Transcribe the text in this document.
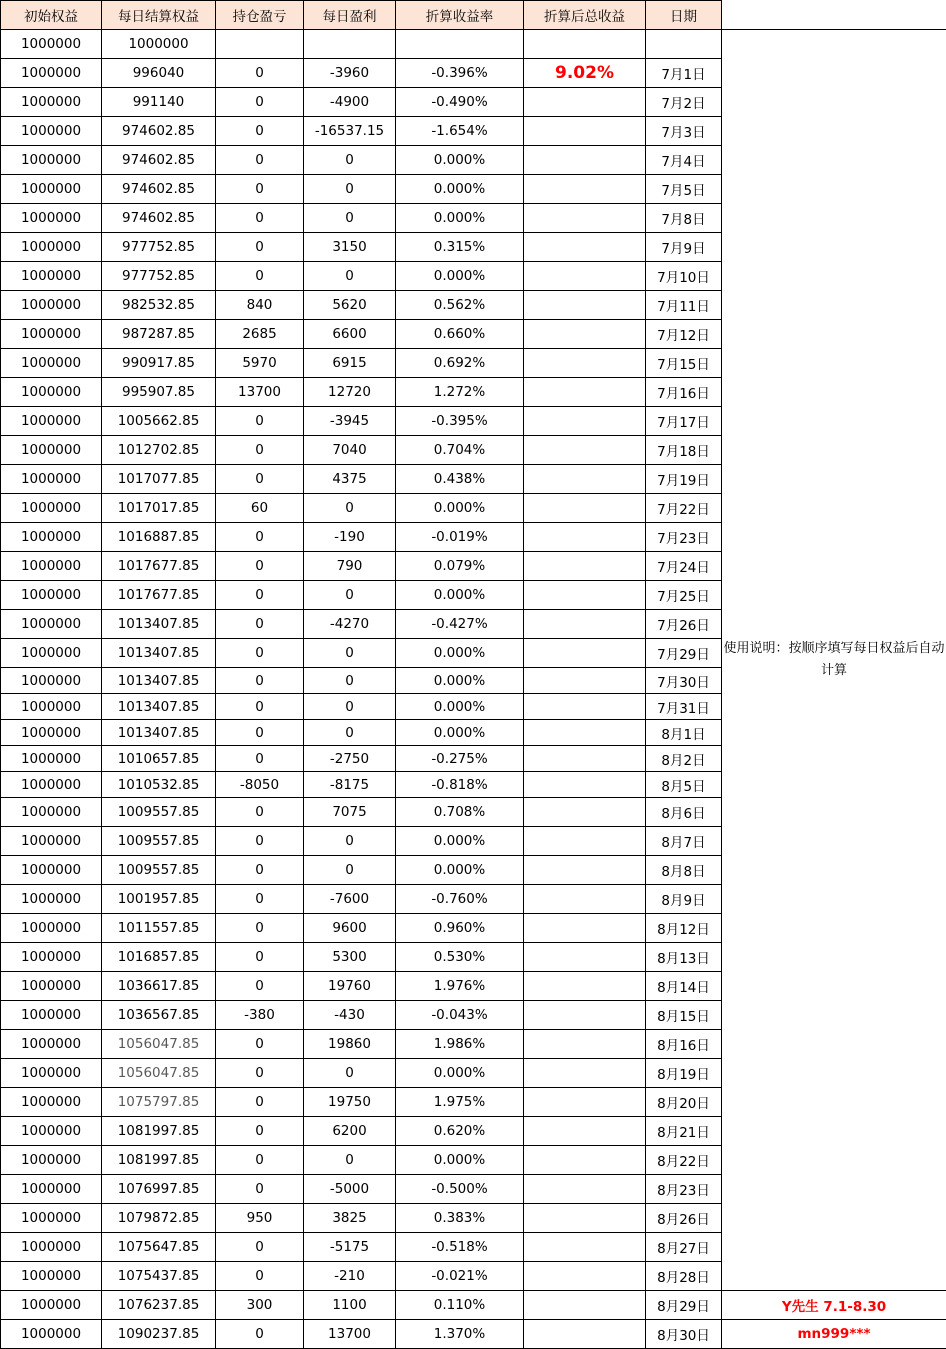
初始权益	每日结算权益	持仓盈亏	每日盈利	折算收益率	折算后总收益	日期	
1000000	1000000						使用说明：按顺序填写每日权益后自动计算
1000000	996040	0	-3960	-0.396%	9.02%	7月1日	
1000000	991140	0	-4900	-0.490%		7月2日	
1000000	974602.85	0	-16537.15	-1.654%		7月3日	
1000000	974602.85	0	0	0.000%		7月4日	
1000000	974602.85	0	0	0.000%		7月5日	
1000000	974602.85	0	0	0.000%		7月8日	
1000000	977752.85	0	3150	0.315%		7月9日	
1000000	977752.85	0	0	0.000%		7月10日	
1000000	982532.85	840	5620	0.562%		7月11日	
1000000	987287.85	2685	6600	0.660%		7月12日	
1000000	990917.85	5970	6915	0.692%		7月15日	
1000000	995907.85	13700	12720	1.272%		7月16日	
1000000	1005662.85	0	-3945	-0.395%		7月17日	
1000000	1012702.85	0	7040	0.704%		7月18日	
1000000	1017077.85	0	4375	0.438%		7月19日	
1000000	1017017.85	60	0	0.000%		7月22日	
1000000	1016887.85	0	-190	-0.019%		7月23日	
1000000	1017677.85	0	790	0.079%		7月24日	
1000000	1017677.85	0	0	0.000%		7月25日	
1000000	1013407.85	0	-4270	-0.427%		7月26日	
1000000	1013407.85	0	0	0.000%		7月29日	
1000000	1013407.85	0	0	0.000%		7月30日	
1000000	1013407.85	0	0	0.000%		7月31日	
1000000	1013407.85	0	0	0.000%		8月1日	
1000000	1010657.85	0	-2750	-0.275%		8月2日	
1000000	1010532.85	-8050	-8175	-0.818%		8月5日	
1000000	1009557.85	0	7075	0.708%		8月6日	
1000000	1009557.85	0	0	0.000%		8月7日	
1000000	1009557.85	0	0	0.000%		8月8日	
1000000	1001957.85	0	-7600	-0.760%		8月9日	
1000000	1011557.85	0	9600	0.960%		8月12日	
1000000	1016857.85	0	5300	0.530%		8月13日	
1000000	1036617.85	0	19760	1.976%		8月14日	
1000000	1036567.85	-380	-430	-0.043%		8月15日	
1000000	1056047.85	0	19860	1.986%		8月16日	
1000000	1056047.85	0	0	0.000%		8月19日	
1000000	1075797.85	0	19750	1.975%		8月20日	
1000000	1081997.85	0	6200	0.620%		8月21日	
1000000	1081997.85	0	0	0.000%		8月22日	
1000000	1076997.85	0	-5000	-0.500%		8月23日	
1000000	1079872.85	950	3825	0.383%		8月26日	
1000000	1075647.85	0	-5175	-0.518%		8月27日	
1000000	1075437.85	0	-210	-0.021%		8月28日	
1000000	1076237.85	300	1100	0.110%		8月29日	Y先生 7.1-8.30
1000000	1090237.85	0	13700	1.370%		8月30日	mn999***
